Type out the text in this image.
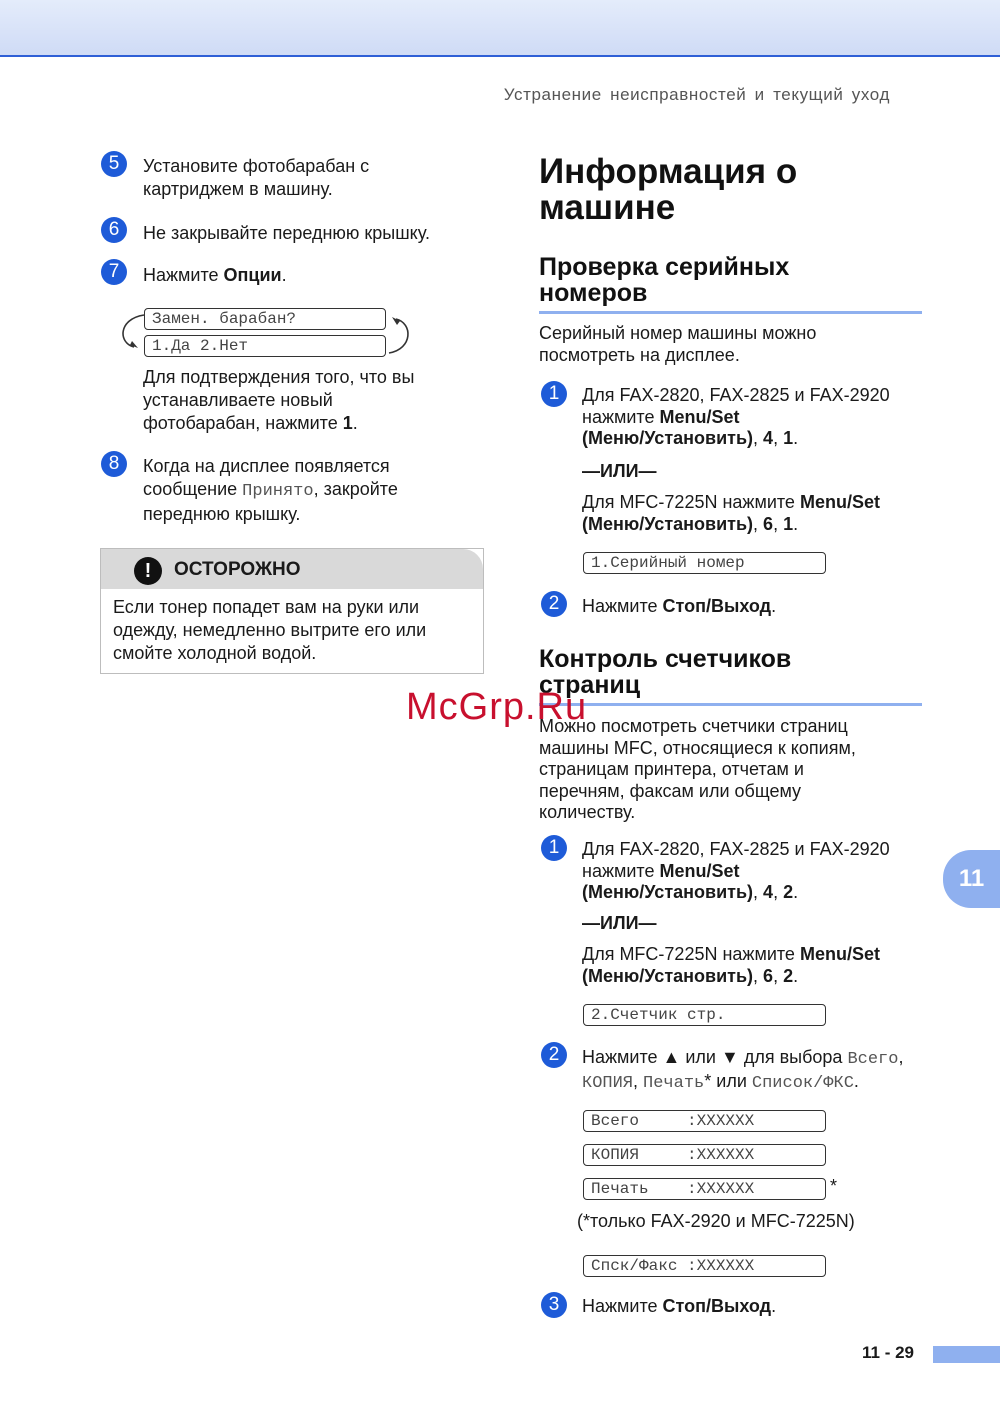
Устранение неисправностей и текущий уход
5	Установите фотобарабан с картриджем в машину.
6	Не закрывайте переднюю крышку.
7	Нажмите Опции.
Замен. барабан?
1.Да 2.Нет
Для подтверждения того, что вы
устанавливаете новый
фотобарабан, нажмите 1.
8	Когда на дисплее появляется
сообщение Принято, закройте
переднюю крышку.
!	ОСТОРОЖНО
Если тонер попадет вам на руки или одежду, немедленно вытрите его или смойте холодной водой.
Информация о
машине
Проверка серийных
номеров
Серийный номер машины можно
посмотреть на дисплее.
1	Для FAX-2820, FAX-2825 и FAX-2920
нажмите Menu/Set
(Меню/Установить), 4, 1.
—ИЛИ—
Для MFC-7225N нажмите Menu/Set
(Меню/Установить), 6, 1.
1.Серийный номер
2	Нажмите Стоп/Выход.
Контроль счетчиков
страниц
Можно посмотреть счетчики страниц
машины MFC, относящиеся к копиям,
страницам принтера, отчетам и
перечням, факсам или общему
количеству.
1	Для FAX-2820, FAX-2825 и FAX-2920
нажмите Menu/Set
(Меню/Установить), 4, 2.
—ИЛИ—
Для MFC-7225N нажмите Menu/Set
(Меню/Установить), 6, 2.
2.Счетчик стр.
2	Нажмите ▲ или ▼ для выбора Всего,
КОПИЯ, Печать* или Список/ФКС.
Всего     :XXXXXX
КОПИЯ     :XXXXXX
Печать    :XXXXXX	*
(*только FAX-2920 и MFC-7225N)
Спск/Факс :XXXXXX
3	Нажмите Стоп/Выход.
11
11 - 29
McGrp.Ru
